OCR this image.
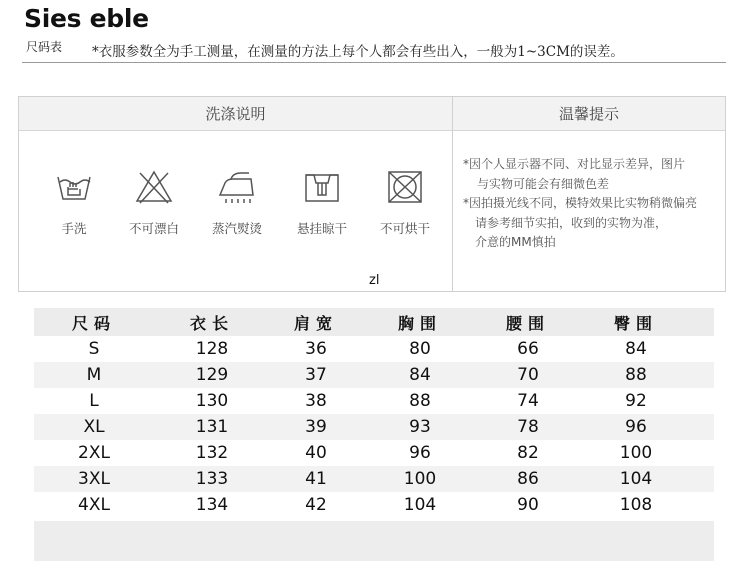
Sies eble
尺码表 *衣服参数全为手工测量，在测量的方法上每个人都会有些出入，一般为1~3CM的误差。
洗涤说明	温馨提示
手洗	不可漂白	蒸汽熨烫	悬挂晾干	不可烘干
*因个人显示器不同、对比显示差异，图片
与实物可能会有细微色差
*因拍摄光线不同，模特效果比实物稍微偏亮
请参考细节实拍，收到的实物为准，
介意的MM慎拍
zl
尺码	衣长	肩宽	胸围	腰围	臀围
S	128	36	80	66	84
M	129	37	84	70	88
L	130	38	88	74	92
XL	131	39	93	78	96
2XL	132	40	96	82	100
3XL	133	41	100	86	104
4XL	134	42	104	90	108
